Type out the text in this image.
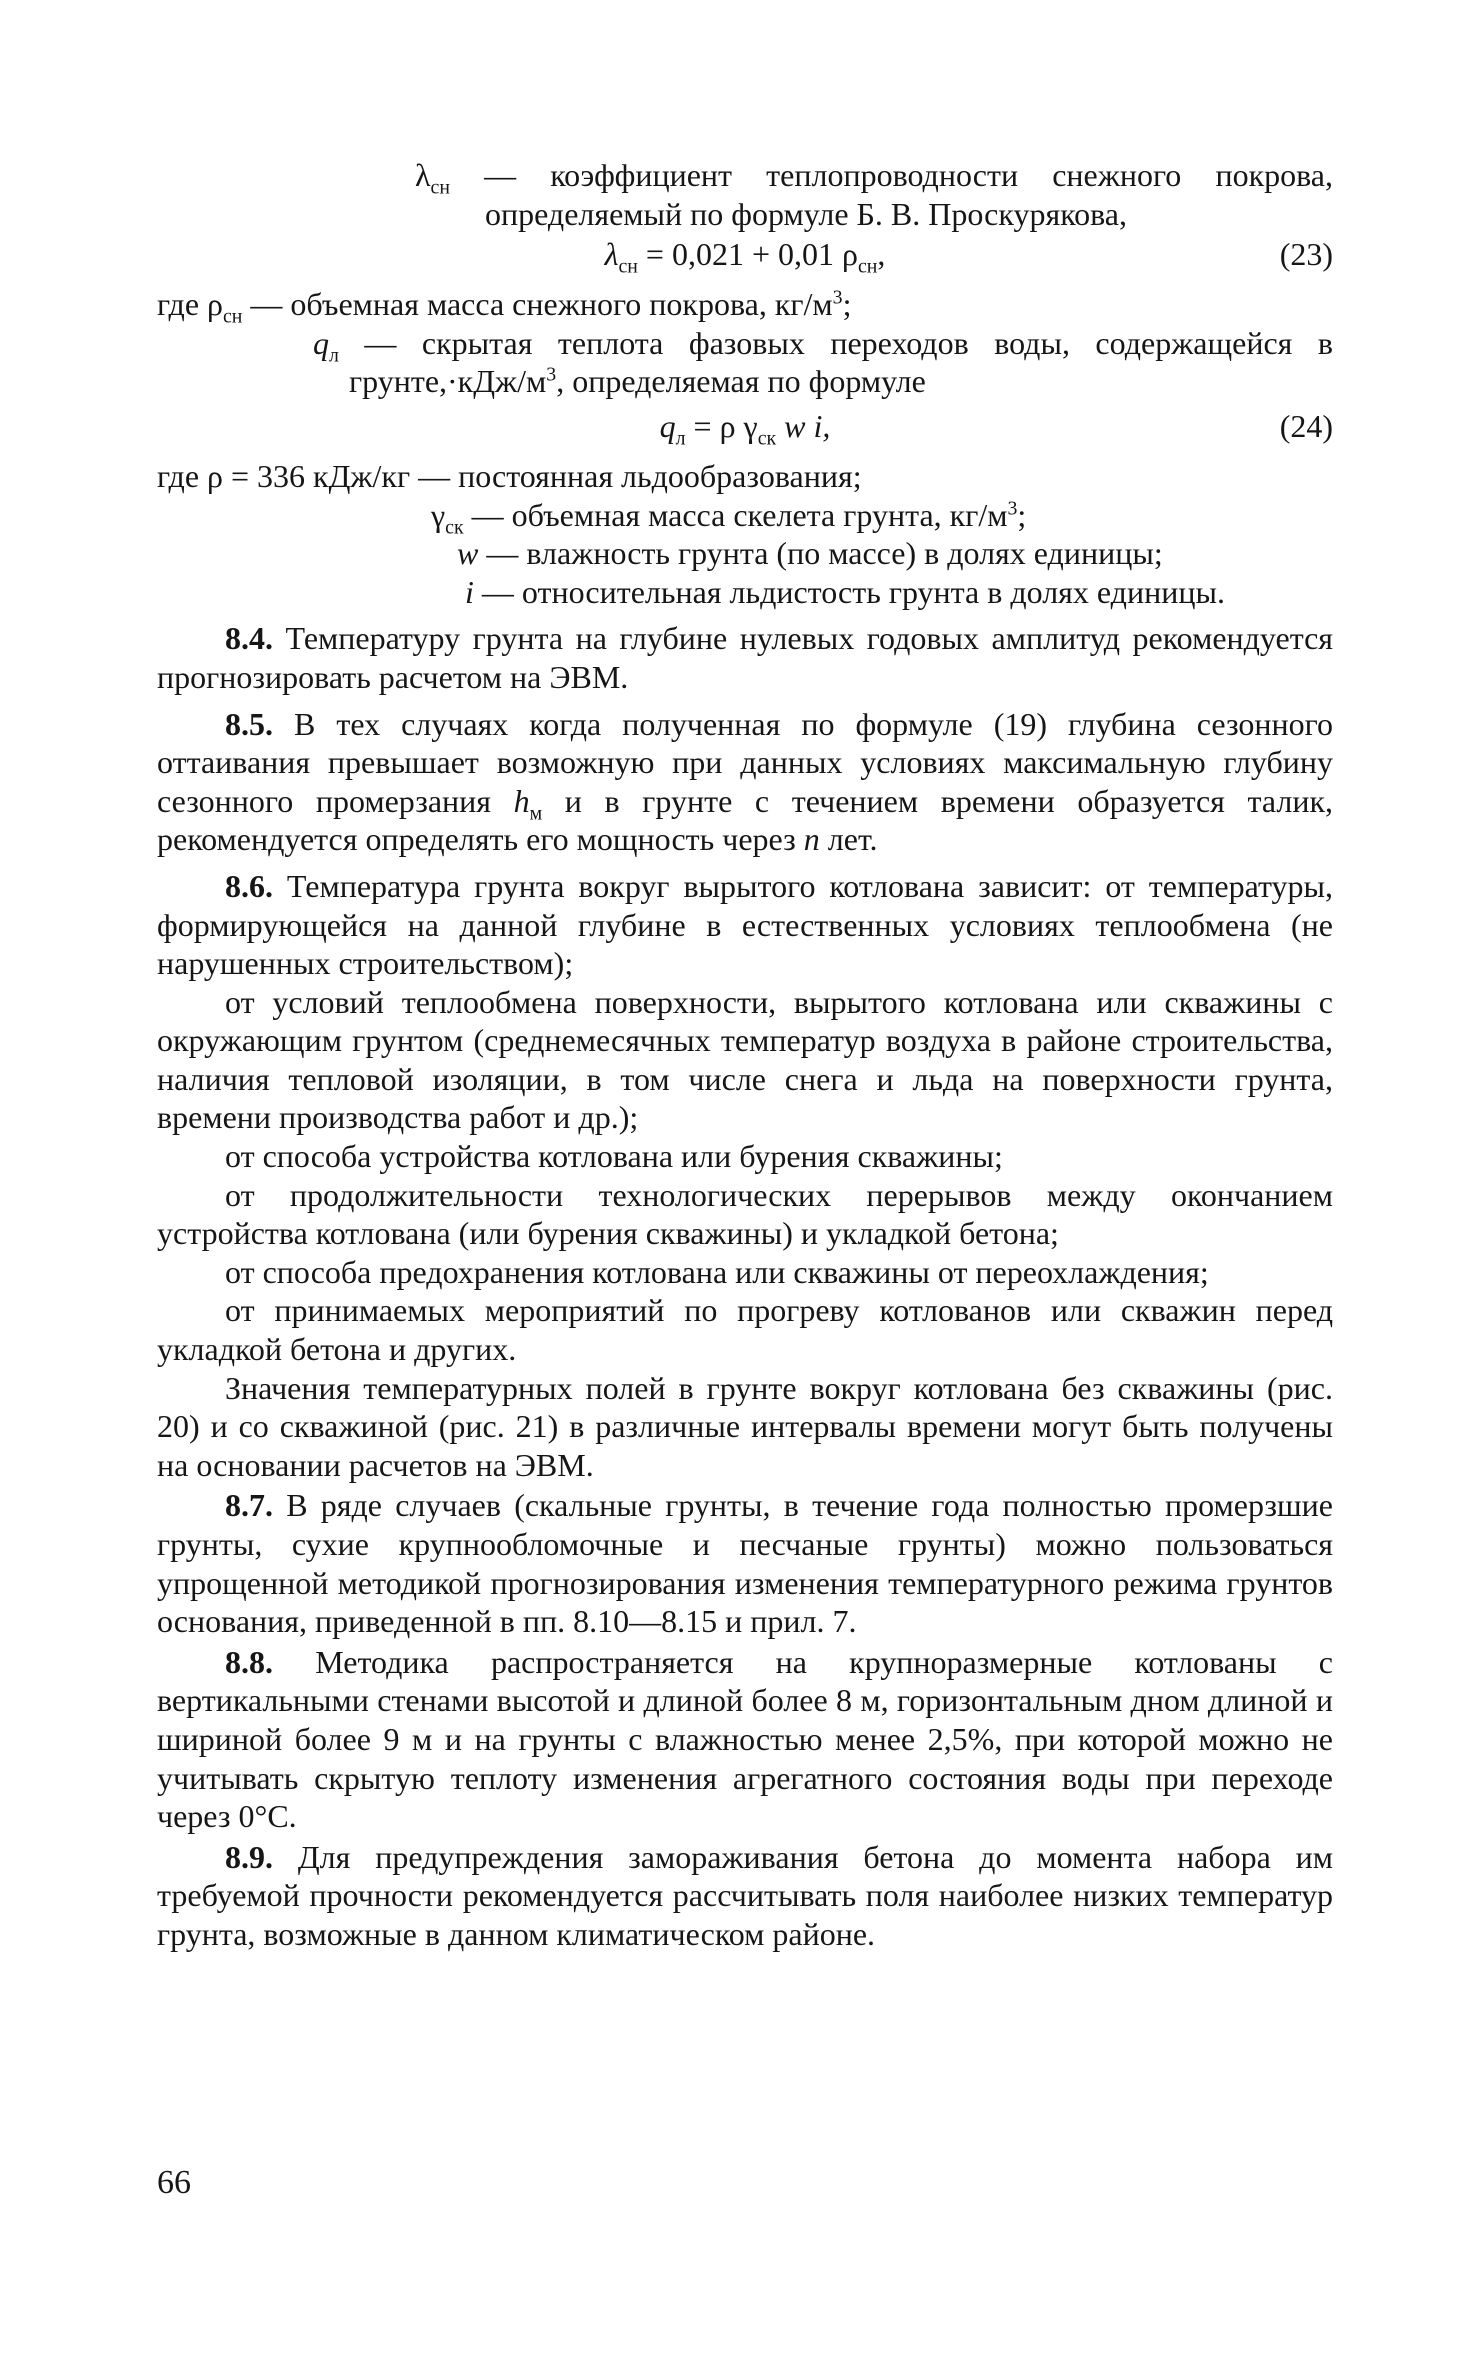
$\lambda_{сн}$ — коэффициент теплопроводности снежного покрова, определяемый по формуле Б. В. Проскурякова,

$\lambda_{сн} = 0,021 + 0,01$ $\rho_{сн}$,	(23)

где $\rho_{сн}$ — объемная масса снежного покрова, $кг/м^3$;

$q_л$ — скрытая теплота фазовых переходов воды, содержащейся в $грунте,\cdot кДж/м^3$, определяемая по формуле

$q_л = \rho$ $\gamma_{ск}$ w i,	(24)

где ρ = 336 кДж/кг — постоянная льдообразования;

$\gamma_{ск}$ — объемная масса скелета грунта, $кг/м^3$;

w — влажность грунта (по массе) в долях единицы;

i — относительная льдистость грунта в долях единицы.

8.4. Температуру грунта на глубине нулевых годовых амплитуд рекомендуется прогнозировать расчетом на ЭВМ.

8.5. В тех случаях когда полученная по формуле (19) глубина сезонного оттаивания превышает возможную при данных условиях максимальную глубину сезонного промерзания $h_м$ и в грунте с течением времени образуется талик, рекомендуется определять его мощность через n лет.

8.6. Температура грунта вокруг вырытого котлована зависит: от температуры, формирующейся на данной глубине в естественных условиях теплообмена (не нарушенных строительством);

от условий теплообмена поверхности, вырытого котлована или скважины с окружающим грунтом (среднемесячных температур воздуха в районе строительства, наличия тепловой изоляции, в том числе снега и льда на поверхности грунта, времени производства работ и др.);

от способа устройства котлована или бурения скважины;

от продолжительности технологических перерывов между окончанием устройства котлована (или бурения скважины) и укладкой бетона;

от способа предохранения котлована или скважины от переохлаждения;

от принимаемых мероприятий по прогреву котлованов или скважин перед укладкой бетона и других.

Значения температурных полей в грунте вокруг котлована без скважины (рис. 20) и со скважиной (рис. 21) в различные интервалы времени могут быть получены на основании расчетов на ЭВМ.

8.7. В ряде случаев (скальные грунты, в течение года полностью промерзшие грунты, сухие крупнообломочные и песчаные грунты) можно пользоваться упрощенной методикой прогнозирования изменения температурного режима грунтов основания, приведенной в пп. 8.10—8.15 и прил. 7.

8.8. Методика распространяется на крупноразмерные котлованы с вертикальными стенами высотой и длиной более 8 м, горизонтальным дном длиной и шириной более 9 м и на грунты с влажностью менее 2,5%, при которой можно не учитывать скрытую теплоту изменения агрегатного состояния воды при переходе через 0°С.

8.9. Для предупреждения замораживания бетона до момента набора им требуемой прочности рекомендуется рассчитывать поля наиболее низких температур грунта, возможные в данном климатическом районе.

66
